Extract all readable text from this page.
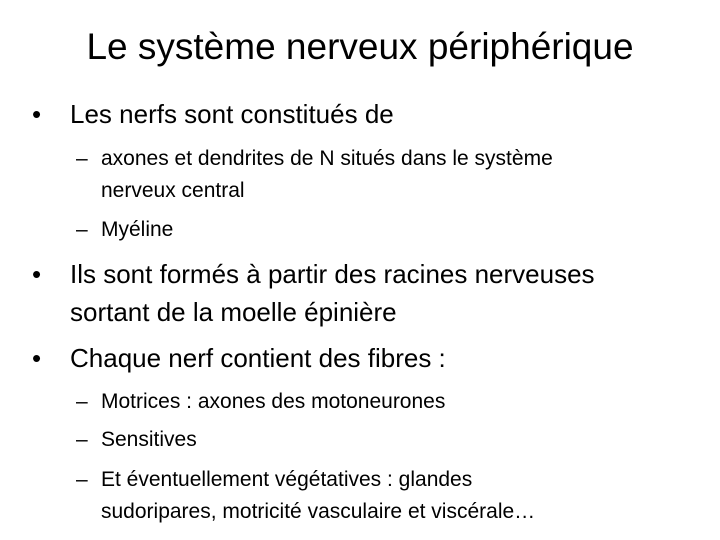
Le système nerveux périphérique
• Les nerfs sont constitués de
– axones et dendrites de N situés dans le système
nerveux central
– Myéline
• Ils sont formés à partir des racines nerveuses
sortant de la moelle épinière
• Chaque nerf contient des fibres :
– Motrices : axones des motoneurones
– Sensitives
– Et éventuellement végétatives : glandes
sudoripares, motricité vasculaire et viscérale…
